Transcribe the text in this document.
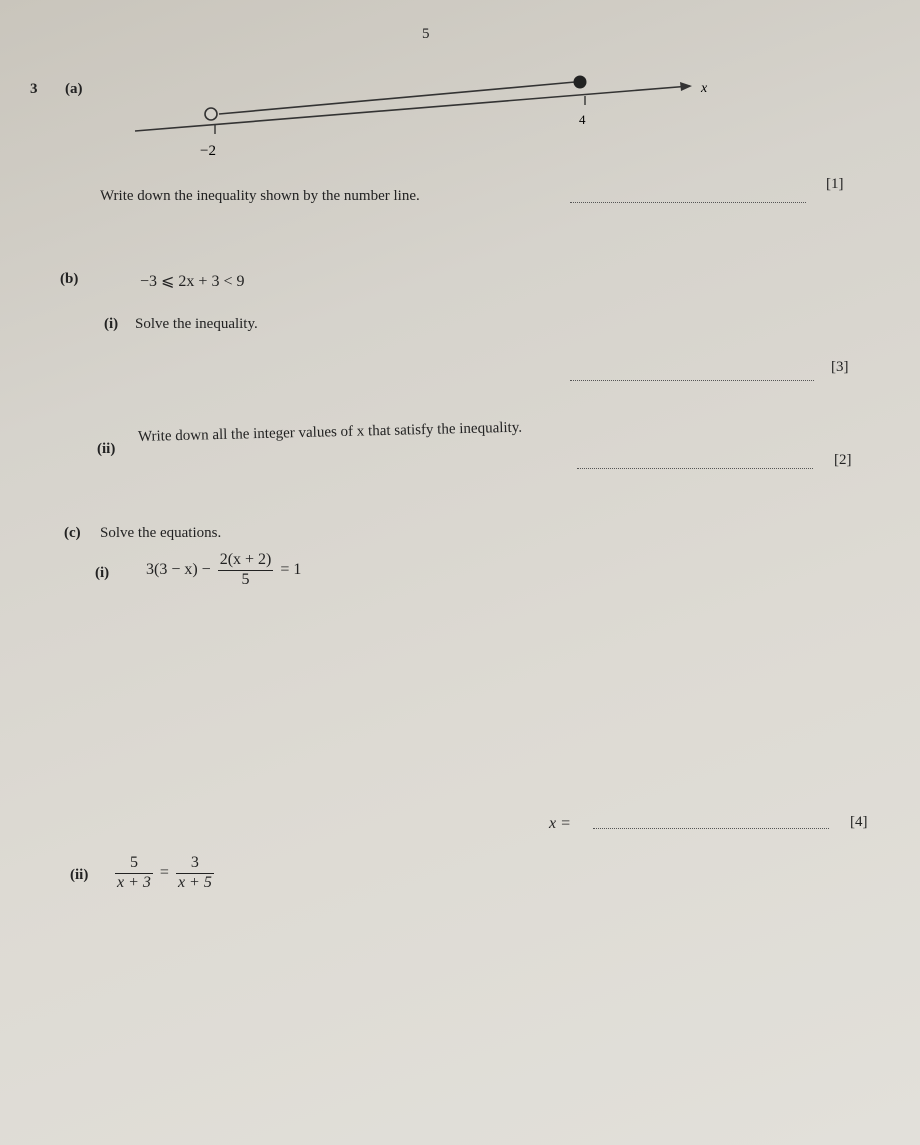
5
3 (a)
−2
4
x
Write down the inequality shown by the number line.
[1]
(b)	−3 ⩽ 2x + 3 < 9
(i) Solve the inequality.
[3]
(ii)
Write down all the integer values of x that satisfy the inequality.
[2]
(c) Solve the equations.
(i) $3(3 - x) - \frac{2(x + 2)}{5} = 1$
x =	[4]
$(ii) \frac{5}{x + 3} = \frac{3}{x + 5}$
